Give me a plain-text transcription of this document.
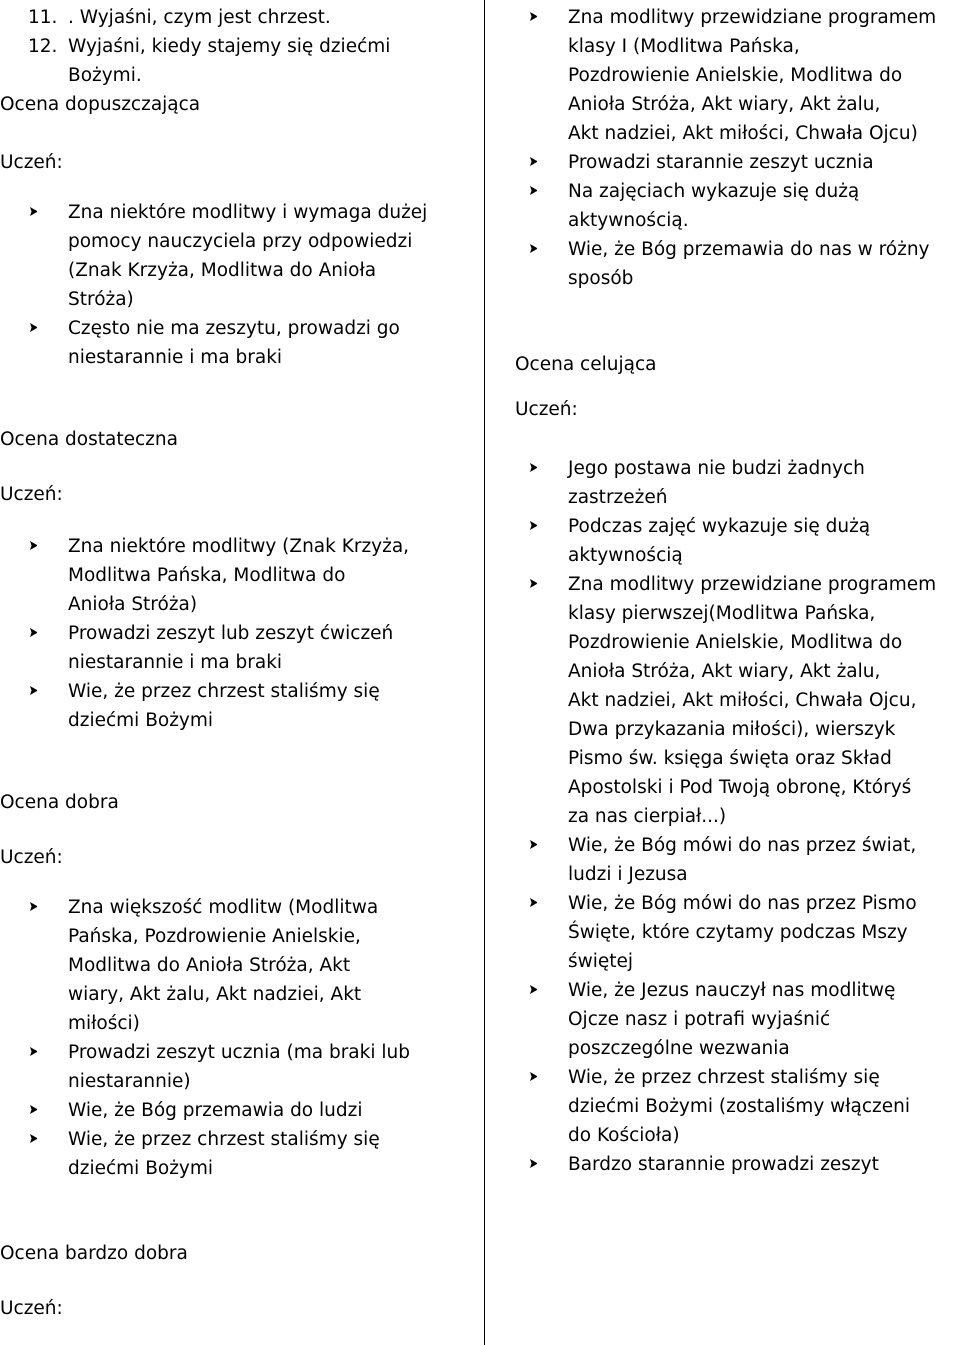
11. . Wyjaśni, czym jest chrzest.
12. Wyjaśni, kiedy stajemy się dziećmi
Bożymi.
Ocena dopuszczająca
Uczeń:
Zna niektóre modlitwy i wymaga dużej
pomocy nauczyciela przy odpowiedzi
(Znak Krzyża, Modlitwa do Anioła
Stróża)
Często nie ma zeszytu, prowadzi go
niestarannie i ma braki
Ocena dostateczna
Uczeń:
Zna niektóre modlitwy (Znak Krzyża,
Modlitwa Pańska, Modlitwa do
Anioła Stróża)
Prowadzi zeszyt lub zeszyt ćwiczeń
niestarannie i ma braki
Wie, że przez chrzest staliśmy się
dziećmi Bożymi
Ocena dobra
Uczeń:
Zna większość modlitw (Modlitwa
Pańska, Pozdrowienie Anielskie,
Modlitwa do Anioła Stróża, Akt
wiary, Akt żalu, Akt nadziei, Akt
miłości)
Prowadzi zeszyt ucznia (ma braki lub
niestarannie)
Wie, że Bóg przemawia do ludzi
Wie, że przez chrzest staliśmy się
dziećmi Bożymi
Ocena bardzo dobra
Uczeń:
Zna modlitwy przewidziane programem
klasy I (Modlitwa Pańska,
Pozdrowienie Anielskie, Modlitwa do
Anioła Stróża, Akt wiary, Akt żalu,
Akt nadziei, Akt miłości, Chwała Ojcu)
Prowadzi starannie zeszyt ucznia
Na zajęciach wykazuje się dużą
aktywnością.
Wie, że Bóg przemawia do nas w różny
sposób
Ocena celująca
Uczeń:
Jego postawa nie budzi żadnych
zastrzeżeń
Podczas zajęć wykazuje się dużą
aktywnością
Zna modlitwy przewidziane programem
klasy pierwszej(Modlitwa Pańska,
Pozdrowienie Anielskie, Modlitwa do
Anioła Stróża, Akt wiary, Akt żalu,
Akt nadziei, Akt miłości, Chwała Ojcu,
Dwa przykazania miłości), wierszyk
Pismo św. księga święta oraz Skład
Apostolski i Pod Twoją obronę, Któryś
za nas cierpiał...)
Wie, że Bóg mówi do nas przez świat,
ludzi i Jezusa
Wie, że Bóg mówi do nas przez Pismo
Święte, które czytamy podczas Mszy
świętej
Wie, że Jezus nauczył nas modlitwę
Ojcze nasz i potrafi wyjaśnić
poszczególne wezwania
Wie, że przez chrzest staliśmy się
dziećmi Bożymi (zostaliśmy włączeni
do Kościoła)
Bardzo starannie prowadzi zeszyt
